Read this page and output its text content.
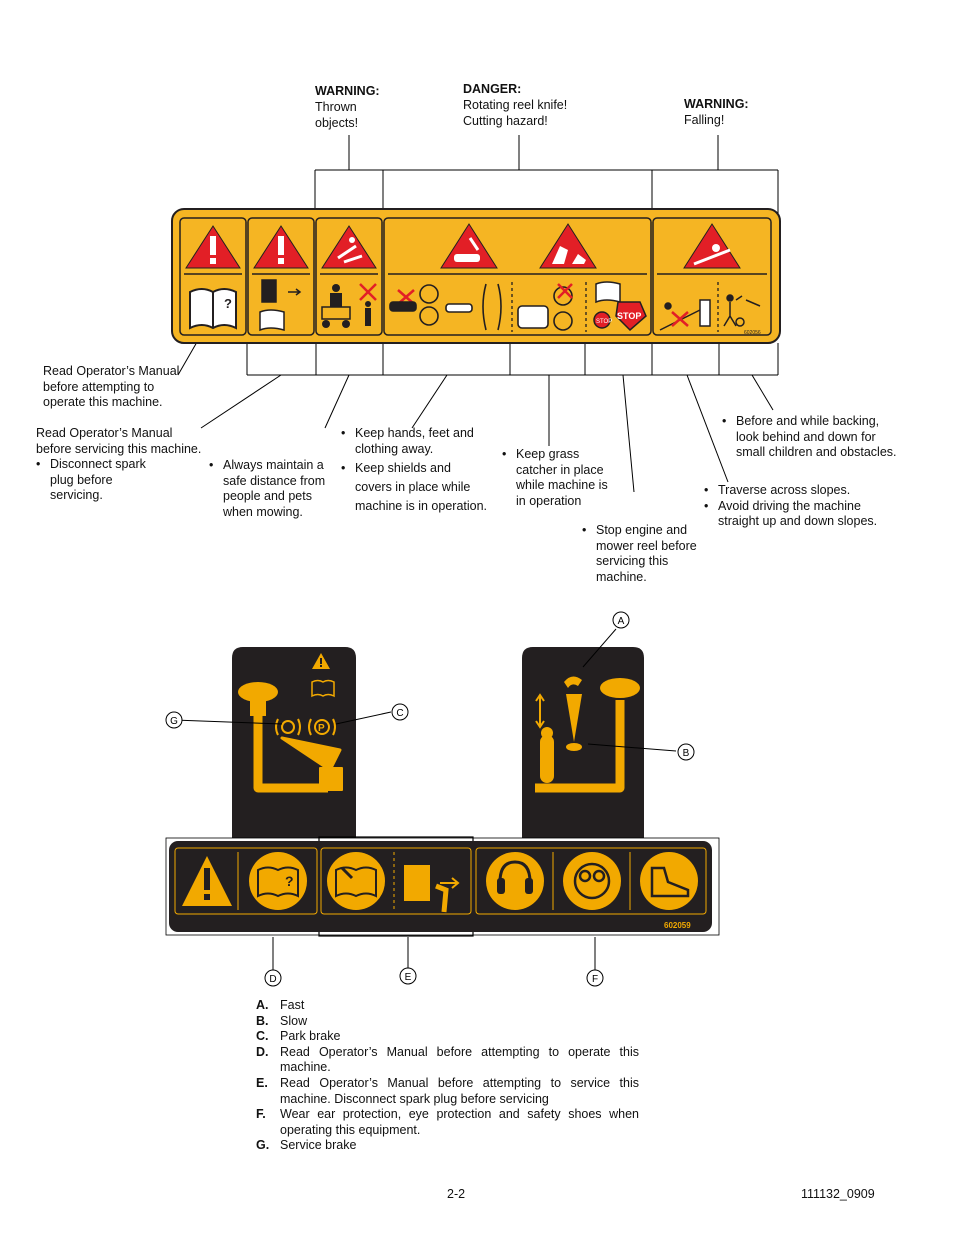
WARNING:
Thrown
objects!
DANGER:
Rotating reel knife!
Cutting hazard!
WARNING:
Falling!
?
STOP
STOP
602056
Read Operator’s Manual before attempting to operate this machine.
Read Operator’s Manual before servicing this machine.
• Disconnect spark plug before servicing.
• Always maintain a safe distance from people and pets when mowing.
• Keep hands, feet and clothing away.
• Keep shields and covers in place while machine is in operation.
• Keep grass catcher in place while machine is in operation
• Stop engine and mower reel before servicing this machine.
• Before and while backing, look behind and down for small children and obstacles.
• Traverse across slopes.
• Avoid driving the machine straight up and down slopes.
P
?
602059
A
B
C
G
D	E	F
A. Fast
B. Slow
C. Park brake
D. Read Operator’s Manual before attempting to operate this machine.
E. Read Operator’s Manual before attempting to service this machine. Disconnect spark plug before servicing
F.	Wear ear protection, eye protection and safety shoes when operating this equipment.
G. Service brake
2-2	111132_0909
